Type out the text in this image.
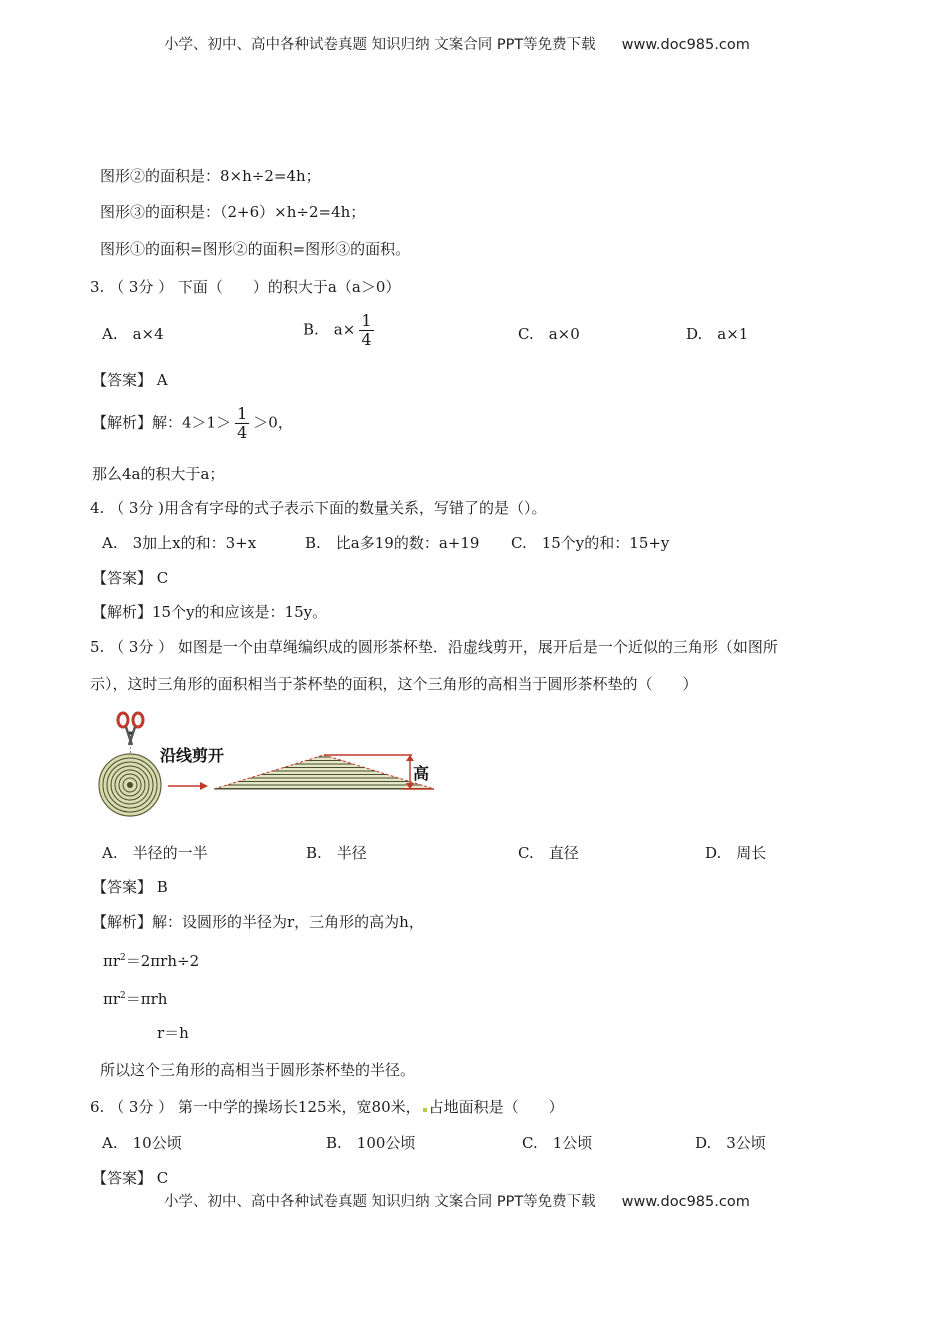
小学、初中、高中各种试卷真题 知识归纳 文案合同 PPT等免费下载 www.doc985.com
图形②的面积是：8×h÷2=4h；
图形③的面积是：（2+6）×h÷2=4h；
图形①的面积=图形②的面积=图形③的面积。
3. （ 3分 ） 下面（　　）的积大于a（a＞0）
A.　a×4	B.　$a\times \frac{1}{4}$	C.　a×0	D.　a×1
【答案】 A
【解析】解：$4>1> \frac{1}{4} >0$，
那么4a的积大于a；
4. （ 3分 )用含有字母的式子表示下面的数量关系，写错了的是（）。
A.　3加上x的和：3+x	B.　比a多19的数：a+19 C.　15个y的和：15+y
【答案】 C
【解析】15个y的和应该是：15y。
5. （ 3分 ） 如图是一个由草绳编织成的圆形茶杯垫．沿虚线剪开，展开后是一个近似的三角形（如图所
示），这时三角形的面积相当于茶杯垫的面积，这个三角形的高相当于圆形茶杯垫的（　　）
沿线剪开
高
A.　半径的一半	B.　半径	C.　直径	D.　周长
【答案】 B
【解析】解：设圆形的半径为r，三角形的高为h，
$\pi r^2=2\pi rh\div 2$
$\pi r^2=\pi rh$
r＝h
所以这个三角形的高相当于圆形茶杯垫的半径。
6. （ 3分 ） 第一中学的操场长125米，宽80米， 占地面积是（　　）
A.　10公顷	B.　100公顷	C.　1公顷	D.　3公顷
【答案】 C
小学、初中、高中各种试卷真题 知识归纳 文案合同 PPT等免费下载 www.doc985.com
